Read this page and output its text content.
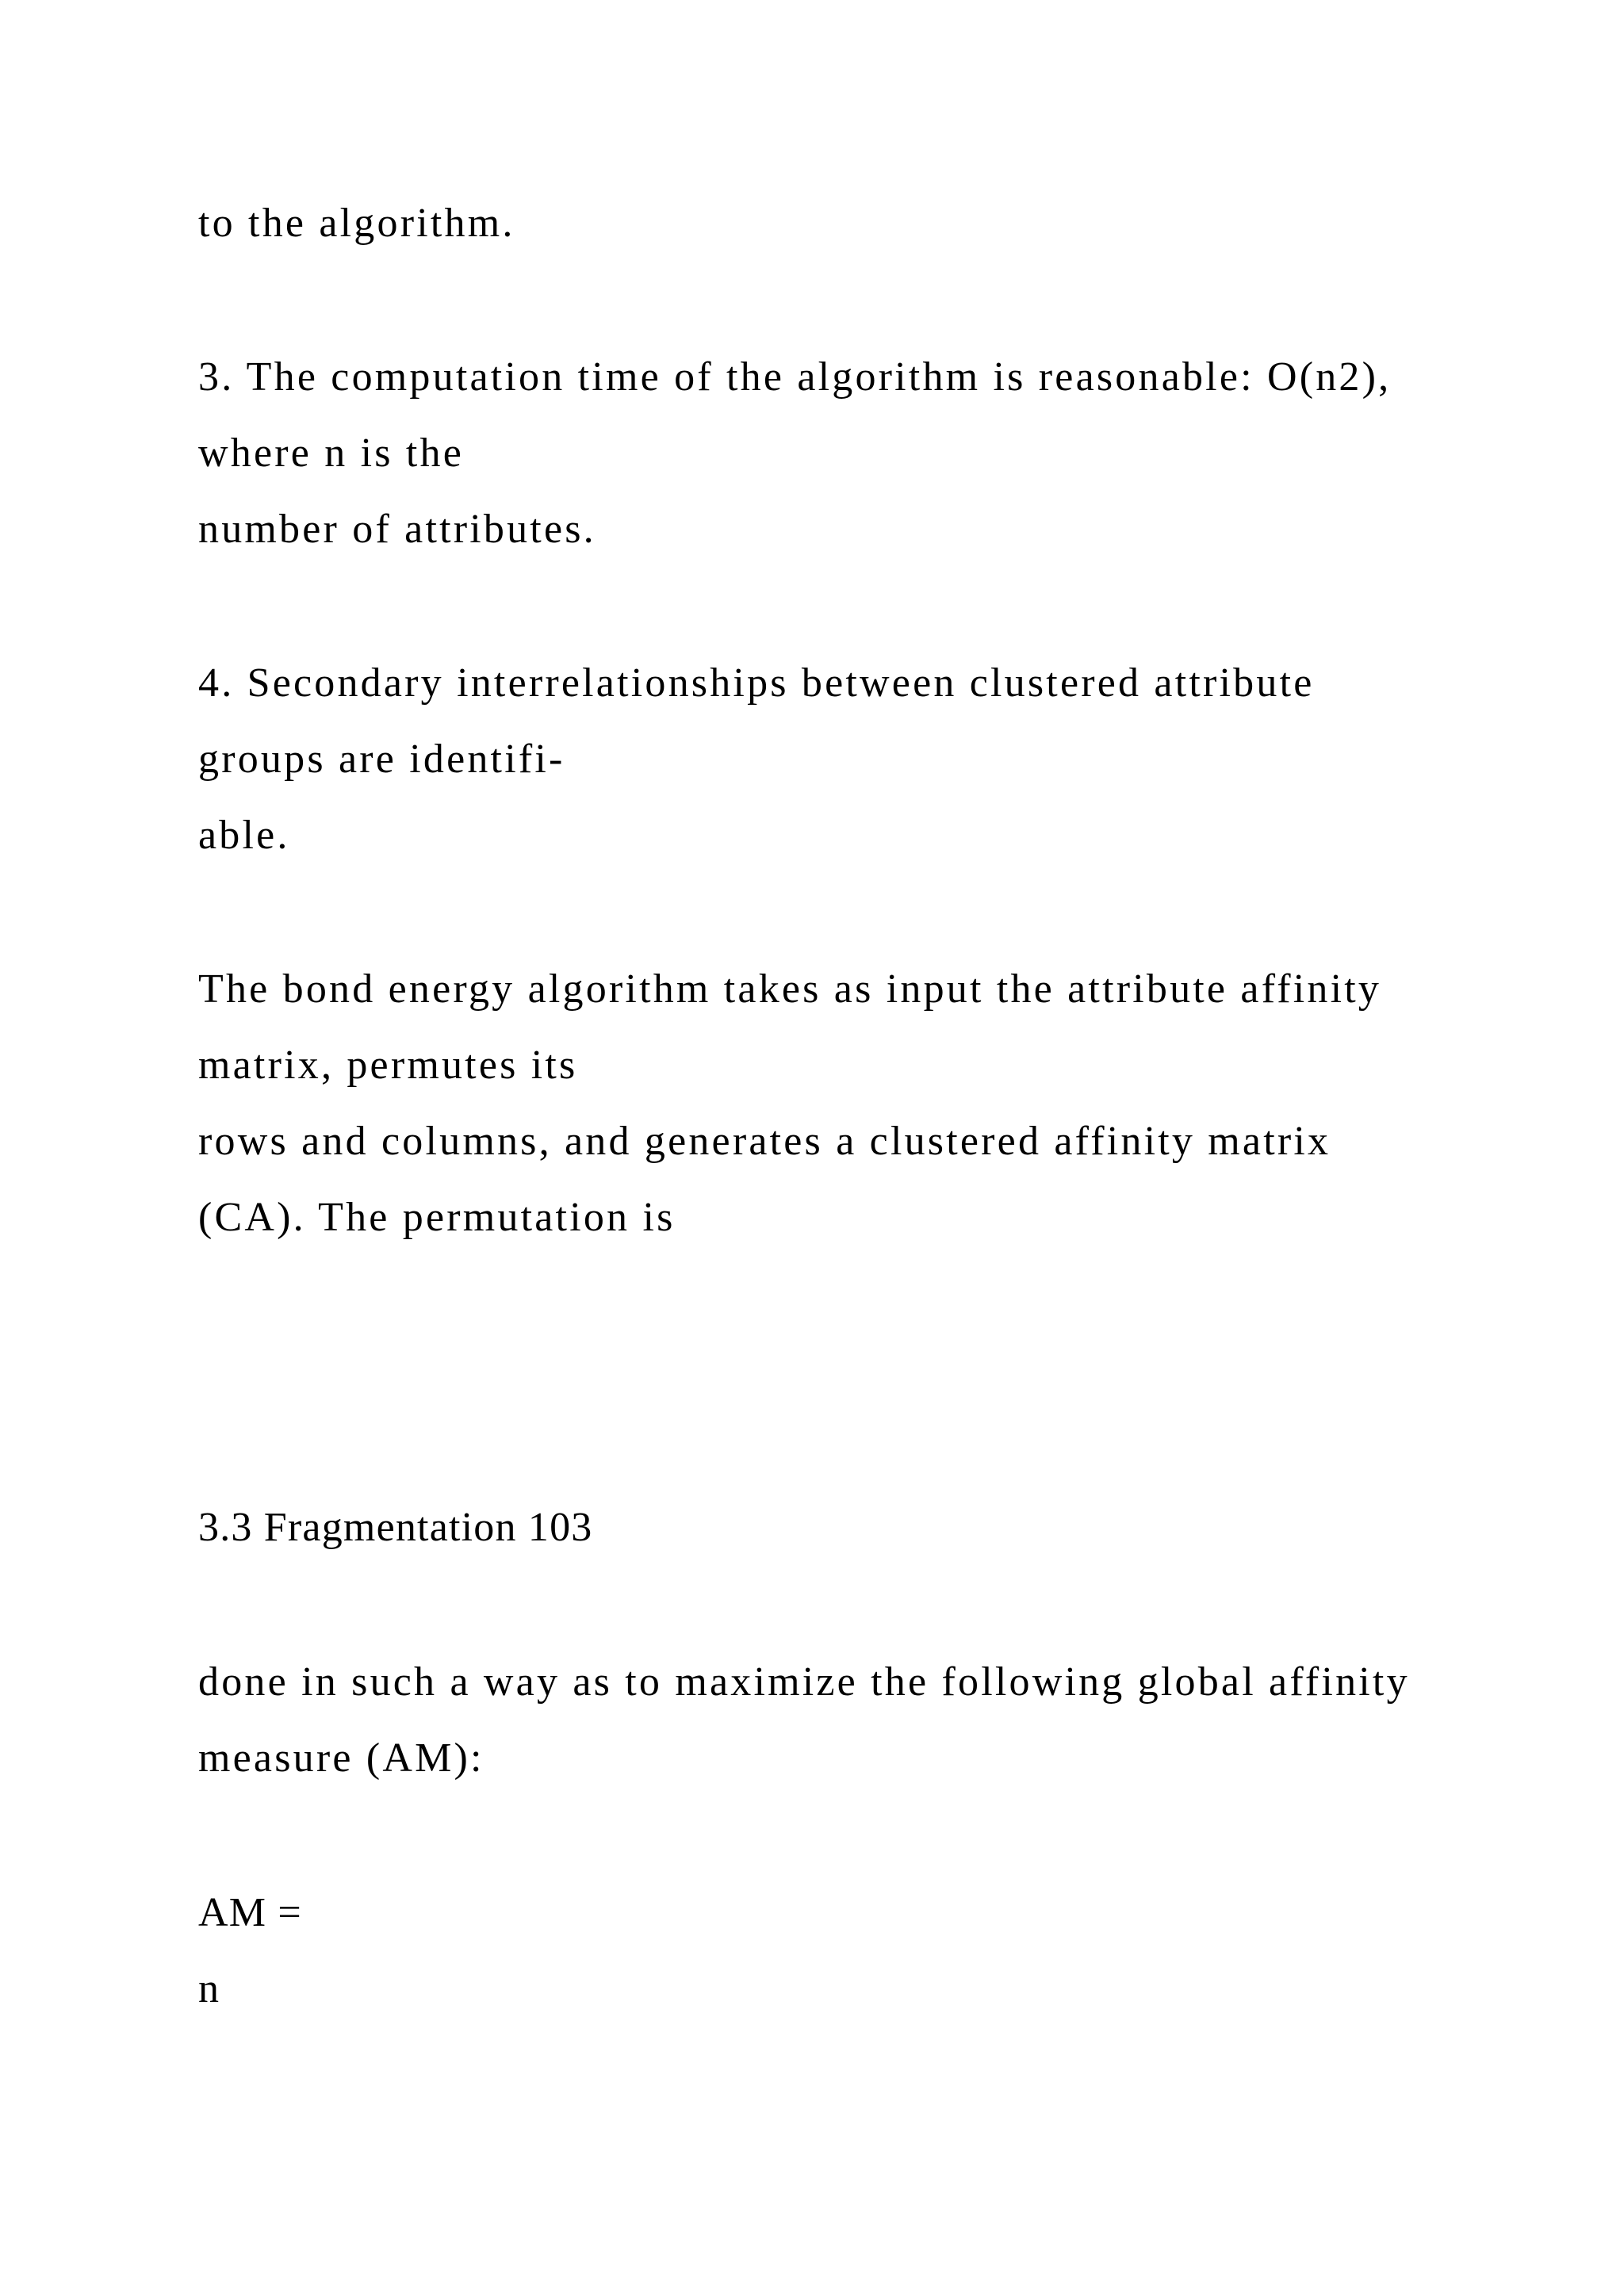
to the algorithm.

3. The computation time of the algorithm is reasonable: O(n2),

where n is the

number of attributes.

4. Secondary interrelationships between clustered attribute

groups are identifi-

able.

The bond energy algorithm takes as input the attribute affinity

matrix, permutes its

rows and columns, and generates a clustered affinity matrix

(CA). The permutation is

3.3 Fragmentation 103

done in such a way as to maximize the following global affinity

measure (AM):

AM =

n
